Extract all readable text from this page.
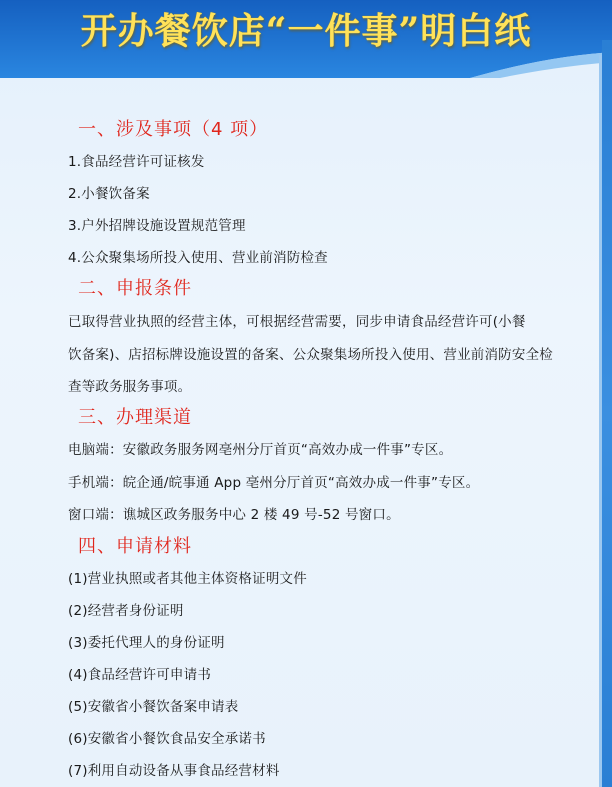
开办餐饮店“一件事”明白纸
一、涉及事项（4 项）
1.食品经营许可证核发
2.小餐饮备案
3.户外招牌设施设置规范管理
4.公众聚集场所投入使用、营业前消防检查
二、申报条件
已取得营业执照的经营主体，可根据经营需要，同步申请食品经营许可(小餐
饮备案)、店招标牌设施设置的备案、公众聚集场所投入使用、营业前消防安全检
查等政务服务事项。
三、办理渠道
电脑端：安徽政务服务网亳州分厅首页“高效办成一件事”专区。
手机端：皖企通/皖事通 App 亳州分厅首页“高效办成一件事”专区。
窗口端：谯城区政务服务中心 2 楼 49 号-52 号窗口。
四、申请材料
(1)营业执照或者其他主体资格证明文件
(2)经营者身份证明
(3)委托代理人的身份证明
(4)食品经营许可申请书
(5)安徽省小餐饮备案申请表
(6)安徽省小餐饮食品安全承诺书
(7)利用自动设备从事食品经营材料
